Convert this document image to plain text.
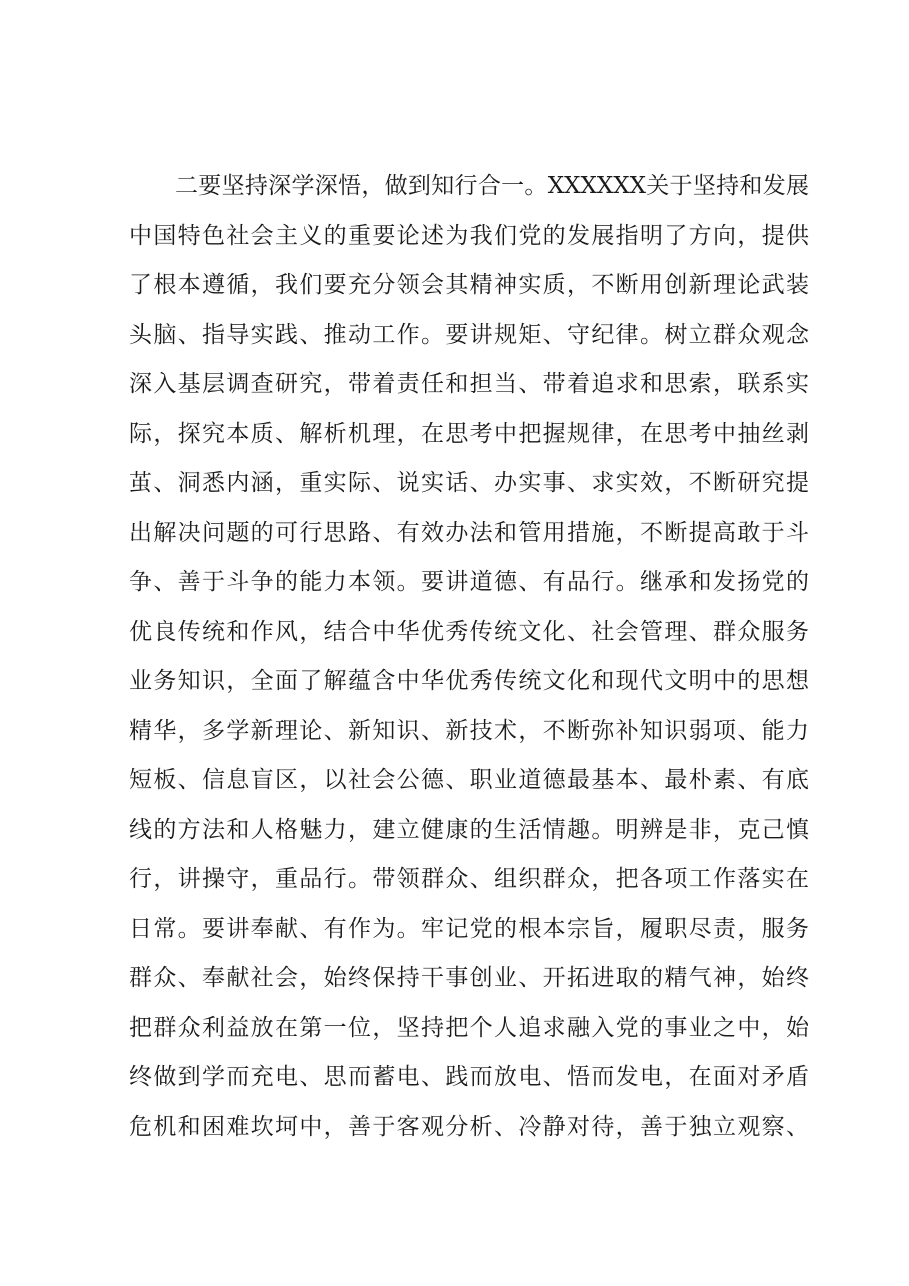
二要坚持深学深悟，做到知行合一。XXXXXX关于坚持和发展
中国特色社会主义的重要论述为我们党的发展指明了方向，提供
了根本遵循，我们要充分领会其精神实质，不断用创新理论武装
头脑、指导实践、推动工作。要讲规矩、守纪律。树立群众观念
深入基层调查研究，带着责任和担当、带着追求和思索，联系实
际，探究本质、解析机理，在思考中把握规律，在思考中抽丝剥
茧、洞悉内涵，重实际、说实话、办实事、求实效，不断研究提
出解决问题的可行思路、有效办法和管用措施，不断提高敢于斗
争、善于斗争的能力本领。要讲道德、有品行。继承和发扬党的
优良传统和作风，结合中华优秀传统文化、社会管理、群众服务
业务知识，全面了解蕴含中华优秀传统文化和现代文明中的思想
精华，多学新理论、新知识、新技术，不断弥补知识弱项、能力
短板、信息盲区，以社会公德、职业道德最基本、最朴素、有底
线的方法和人格魅力，建立健康的生活情趣。明辨是非，克己慎
行，讲操守，重品行。带领群众、组织群众，把各项工作落实在
日常。要讲奉献、有作为。牢记党的根本宗旨，履职尽责，服务
群众、奉献社会，始终保持干事创业、开拓进取的精气神，始终
把群众利益放在第一位，坚持把个人追求融入党的事业之中，始
终做到学而充电、思而蓄电、践而放电、悟而发电，在面对矛盾
危机和困难坎坷中，善于客观分析、冷静对待，善于独立观察、
